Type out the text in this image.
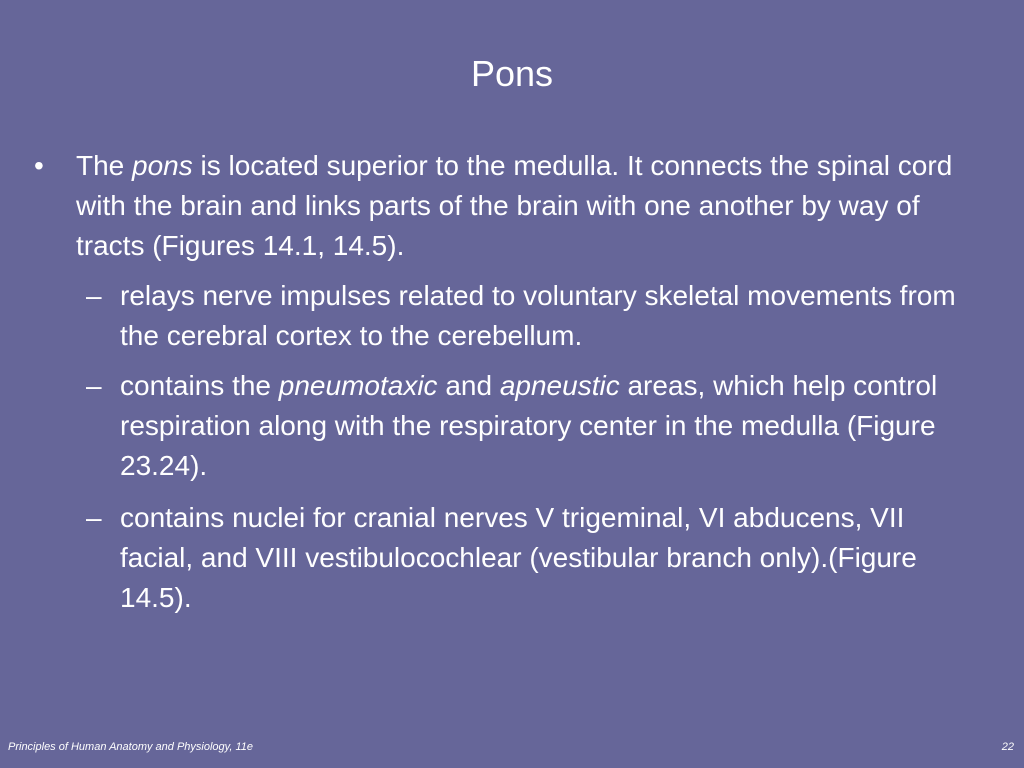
Pons
• The pons is located superior to the medulla. It connects the spinal cord with the brain and links parts of the brain with one another by way of tracts (Figures 14.1, 14.5).
– relays nerve impulses related to voluntary skeletal movements from the cerebral cortex to the cerebellum.
– contains the pneumotaxic and apneustic areas, which help control respiration along with the respiratory center in the medulla (Figure 23.24).
– contains nuclei for cranial nerves V trigeminal, VI abducens, VII facial, and VIII vestibulocochlear (vestibular branch only).(Figure 14.5).
Principles of Human Anatomy and Physiology, 11e	22
